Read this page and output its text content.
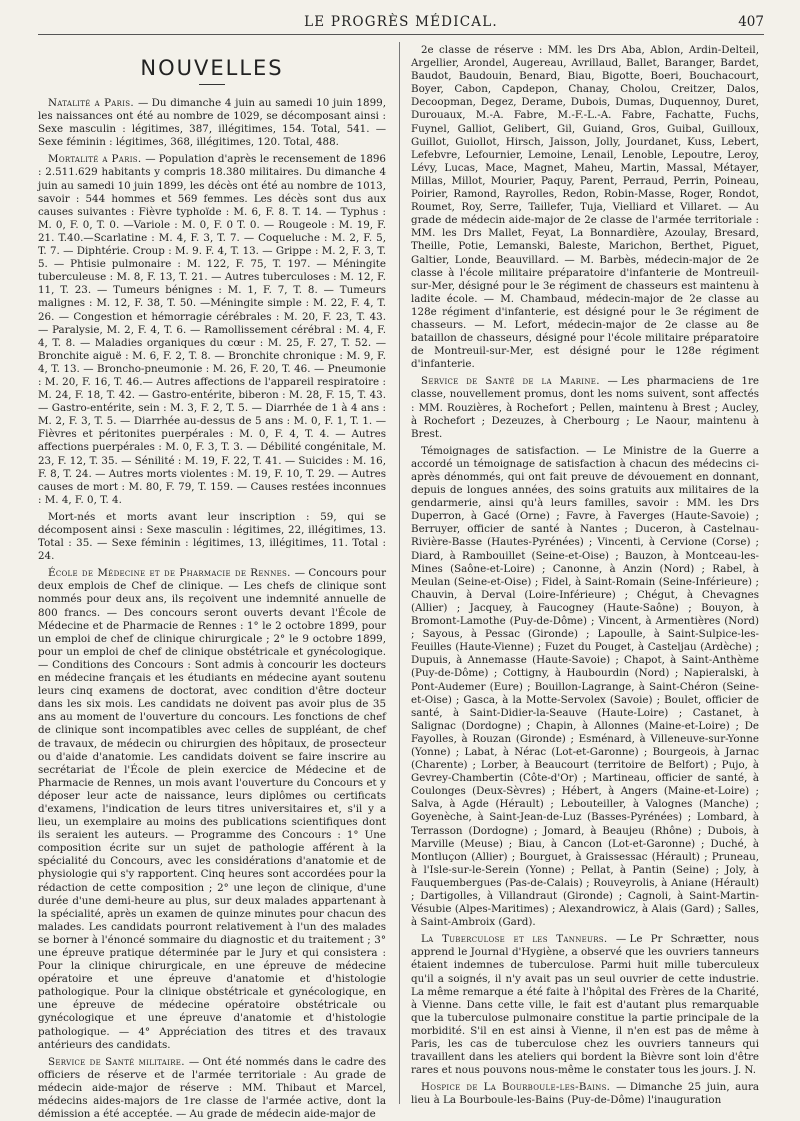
LE PROGRÈS MÉDICAL.	407
NOUVELLES

Natalité a Paris. — Du dimanche 4 juin au samedi 10 juin 1899, les naissances ont été au nombre de 1029, se décomposant ainsi : Sexe masculin : légitimes, 387, illégitimes, 154. Total, 541. — Sexe féminin : légitimes, 368, illégitimes, 120. Total, 488.

Mortalité a Paris. — Population d'après le recensement de 1896 : 2.511.629 habitants y compris 18.380 militaires. Du dimanche 4 juin au samedi 10 juin 1899, les décès ont été au nombre de 1013, savoir : 544 hommes et 569 femmes. Les décès sont dus aux causes suivantes : Fièvre typhoïde : M. 6, F. 8. T. 14. — Typhus : M. 0, F. 0, T. 0. —Variole : M. 0, F. 0 T. 0. — Rougeole : M. 19, F. 21. T.40.—Scarlatine : M. 4, F. 3, T. 7. — Coqueluche : M. 2, F. 5, T. 7. — Diphtérie. Croup : M. 9. F. 4, T. 13. — Grippe : M. 2, F. 3, T. 5. — Phtisie pulmonaire : M. 122, F. 75, T. 197. — Méningite tuberculeuse : M. 8, F. 13, T. 21. — Autres tuberculoses : M. 12, F. 11, T. 23. — Tumeurs bénignes : M. 1, F. 7, T. 8. — Tumeurs malignes : M. 12, F. 38, T. 50. —Méningite simple : M. 22, F. 4, T. 26. — Congestion et hémorragie cérébrales : M. 20, F. 23, T. 43. — Paralysie, M. 2, F. 4, T. 6. — Ramollissement cérébral : M. 4, F. 4, T. 8. — Maladies organiques du cœur : M. 25, F. 27, T. 52. — Bronchite aiguë : M. 6, F. 2, T. 8. — Bronchite chronique : M. 9, F. 4, T. 13. — Broncho-pneumonie : M. 26, F. 20, T. 46. — Pneumonie : M. 20, F. 16, T. 46.— Autres affections de l'appareil respiratoire : M. 24, F. 18, T. 42. — Gastro-entérite, biberon : M. 28, F. 15, T. 43. — Gastro-entérite, sein : M. 3, F. 2, T. 5. — Diarrhée de 1 à 4 ans : M. 2, F. 3, T. 5. — Diarrhée au-dessus de 5 ans : M. 0, F. 1, T. 1. — Fièvres et péritonites puerpérales : M. 0, F. 4, T. 4. — Autres affections puerpérales : M. 0, F. 3, T. 3. — Débilité congénitale, M. 23, F. 12, T. 35. — Sénilité : M. 19, F. 22, T. 41. — Suicides : M. 16, F. 8, T. 24. — Autres morts violentes : M. 19, F. 10, T. 29. — Autres causes de mort : M. 80, F. 79, T. 159. — Causes restées inconnues : M. 4, F. 0, T. 4.

Mort-nés et morts avant leur inscription : 59, qui se décomposent ainsi : Sexe masculin : légitimes, 22, illégitimes, 13. Total : 35. — Sexe féminin : légitimes, 13, illégitimes, 11. Total : 24.

École de Médecine et de Pharmacie de Rennes. — Concours pour deux emplois de Chef de clinique. — Les chefs de clinique sont nommés pour deux ans, ils reçoivent une indemnité annuelle de 800 francs. — Des concours seront ouverts devant l'École de Médecine et de Pharmacie de Rennes : 1° le 2 octobre 1899, pour un emploi de chef de clinique chirurgicale ; 2° le 9 octobre 1899, pour un emploi de chef de clinique obstétricale et gynécologique. — Conditions des Concours : Sont admis à concourir les docteurs en médecine français et les étudiants en médecine ayant soutenu leurs cinq examens de doctorat, avec condition d'être docteur dans les six mois. Les candidats ne doivent pas avoir plus de 35 ans au moment de l'ouverture du concours. Les fonctions de chef de clinique sont incompatibles avec celles de suppléant, de chef de travaux, de médecin ou chirurgien des hôpitaux, de prosecteur ou d'aide d'anatomie. Les candidats doivent se faire inscrire au secrétariat de l'École de plein exercice de Médecine et de Pharmacie de Rennes, un mois avant l'ouverture du Concours et y déposer leur acte de naissance, leurs diplômes ou certificats d'examens, l'indication de leurs titres universitaires et, s'il y a lieu, un exemplaire au moins des publications scientifiques dont ils seraient les auteurs. — Programme des Concours : 1° Une composition écrite sur un sujet de pathologie afférent à la spécialité du Concours, avec les considérations d'anatomie et de physiologie qui s'y rapportent. Cinq heures sont accordées pour la rédaction de cette composition ; 2° une leçon de clinique, d'une durée d'une demi-heure au plus, sur deux malades appartenant à la spécialité, après un examen de quinze minutes pour chacun des malades. Les candidats pourront relativement à l'un des malades se borner à l'énoncé sommaire du diagnostic et du traitement ; 3° une épreuve pratique déterminée par le Jury et qui consistera : Pour la clinique chirurgicale, en une épreuve de médecine opératoire et une épreuve d'anatomie et d'histologie pathologique. Pour la clinique obstétricale et gynécologique, en une épreuve de médecine opératoire obstétricale ou gynécologique et une épreuve d'anatomie et d'histologie pathologique. — 4° Appréciation des titres et des travaux antérieurs des candidats.

Service de Santé militaire. — Ont été nommés dans le cadre des officiers de réserve et de l'armée territoriale : Au grade de médecin aide-major de réserve : MM. Thibaut et Marcel, médecins aides-majors de 1re classe de l'armée active, dont la démission a été acceptée. — Au grade de médecin aide-major de

2e classe de réserve : MM. les Drs Aba, Ablon, Ardin-Delteil, Argellier, Arondel, Augereau, Avrillaud, Ballet, Baranger, Bardet, Baudot, Baudouin, Benard, Biau, Bigotte, Boeri, Bouchacourt, Boyer, Cabon, Capdepon, Chanay, Cholou, Creitzer, Dalos, Decoopman, Degez, Derame, Dubois, Dumas, Duquennoy, Duret, Durouaux, M.-A. Fabre, M.-F.-L.-A. Fabre, Fachatte, Fuchs, Fuynel, Galliot, Gelibert, Gil, Guiand, Gros, Guibal, Guilloux, Guillot, Guiollot, Hirsch, Jaisson, Jolly, Jourdanet, Kuss, Lebert, Lefebvre, Lefournier, Lemoine, Lenail, Lenoble, Lepoutre, Leroy, Lévy, Lucas, Mace, Magnet, Maheu, Martin, Massal, Métayer, Millas, Millot, Mourier, Paquy, Parent, Perraud, Perrin, Poineau, Poirier, Ramond, Rayrolles, Redon, Robin-Masse, Roger, Rondot, Roumet, Roy, Serre, Taillefer, Tuja, Vielliard et Villaret. — Au grade de médecin aide-major de 2e classe de l'armée territoriale : MM. les Drs Mallet, Feyat, La Bonnardière, Azoulay, Bresard, Theille, Potie, Lemanski, Baleste, Marichon, Berthet, Piguet, Galtier, Londe, Beauvillard. — M. Barbès, médecin-major de 2e classe à l'école militaire préparatoire d'infanterie de Montreuil-sur-Mer, désigné pour le 3e régiment de chasseurs est maintenu à ladite école. — M. Chambaud, médecin-major de 2e classe au 128e régiment d'infanterie, est désigné pour le 3e régiment de chasseurs. — M. Lefort, médecin-major de 2e classe au 8e bataillon de chasseurs, désigné pour l'école militaire préparatoire de Montreuil-sur-Mer, est désigné pour le 128e régiment d'infanterie.

Service de Santé de la Marine. — Les pharmaciens de 1re classe, nouvellement promus, dont les noms suivent, sont affectés : MM. Rouzières, à Rochefort ; Pellen, maintenu à Brest ; Aucley, à Rochefort ; Dezeuzes, à Cherbourg ; Le Naour, maintenu à Brest.

Témoignages de satisfaction. — Le Ministre de la Guerre a accordé un témoignage de satisfaction à chacun des médecins ci-après dénommés, qui ont fait preuve de dévouement en donnant, depuis de longues années, des soins gratuits aux militaires de la gendarmerie, ainsi qu'à leurs familles, savoir : MM. les Drs Duperron, à Gacé (Orne) ; Favre, à Faverges (Haute-Savoie) ; Berruyer, officier de santé à Nantes ; Duceron, à Castelnau-Rivière-Basse (Hautes-Pyrénées) ; Vincenti, à Cervione (Corse) ; Diard, à Rambouillet (Seine-et-Oise) ; Bauzon, à Montceau-les-Mines (Saône-et-Loire) ; Canonne, à Anzin (Nord) ; Rabel, à Meulan (Seine-et-Oise) ; Fidel, à Saint-Romain (Seine-Inférieure) ; Chauvin, à Derval (Loire-Inférieure) ; Chégut, à Chevagnes (Allier) ; Jacquey, à Faucogney (Haute-Saône) ; Bouyon, à Bromont-Lamothe (Puy-de-Dôme) ; Vincent, à Armentières (Nord) ; Sayous, à Pessac (Gironde) ; Lapoulle, à Saint-Sulpice-les-Feuilles (Haute-Vienne) ; Fuzet du Pouget, à Casteljau (Ardèche) ; Dupuis, à Annemasse (Haute-Savoie) ; Chapot, à Saint-Anthème (Puy-de-Dôme) ; Cottigny, à Haubourdin (Nord) ; Napieralski, à Pont-Audemer (Eure) ; Bouillon-Lagrange, à Saint-Chéron (Seine-et-Oise) ; Gasca, à la Motte-Servolex (Savoie) ; Boulet, officier de santé, à Saint-Didier-la-Seauve (Haute-Loire) ; Castanet, à Salignac (Dordogne) ; Chapin, à Allonnes (Maine-et-Loire) ; De Fayolles, à Rouzan (Gironde) ; Esménard, à Villeneuve-sur-Yonne (Yonne) ; Labat, à Nérac (Lot-et-Garonne) ; Bourgeois, à Jarnac (Charente) ; Lorber, à Beaucourt (territoire de Belfort) ; Pujo, à Gevrey-Chambertin (Côte-d'Or) ; Martineau, officier de santé, à Coulonges (Deux-Sèvres) ; Hébert, à Angers (Maine-et-Loire) ; Salva, à Agde (Hérault) ; Lebouteiller, à Valognes (Manche) ; Goyenèche, à Saint-Jean-de-Luz (Basses-Pyrénées) ; Lombard, à Terrasson (Dordogne) ; Jomard, à Beaujeu (Rhône) ; Dubois, à Marville (Meuse) ; Biau, à Cancon (Lot-et-Garonne) ; Duché, à Montluçon (Allier) ; Bourguet, à Graissessac (Hérault) ; Pruneau, à l'Isle-sur-le-Serein (Yonne) ; Pellat, à Pantin (Seine) ; Joly, à Fauquembergues (Pas-de-Calais) ; Rouveyrolis, à Aniane (Hérault) ; Dartigolles, à Villandraut (Gironde) ; Cagnoli, à Saint-Martin-Vésubie (Alpes-Maritimes) ; Alexandrowicz, à Alais (Gard) ; Salles, à Saint-Ambroix (Gard).

La Tuberculose et les Tanneurs. — Le Pr Schrætter, nous apprend le Journal d'Hygiène, a observé que les ouvriers tanneurs étaient indemnes de tuberculose. Parmi huit mille tuberculeux qu'il a soignés, il n'y avait pas un seul ouvrier de cette industrie. La même remarque a été faite à l'hôpital des Frères de la Charité, à Vienne. Dans cette ville, le fait est d'autant plus remarquable que la tuberculose pulmonaire constitue la partie principale de la morbidité. S'il en est ainsi à Vienne, il n'en est pas de même à Paris, les cas de tuberculose chez les ouvriers tanneurs qui travaillent dans les ateliers qui bordent la Bièvre sont loin d'être rares et nous pouvons nous-même le constater tous les jours. J. N.

Hospice de La Bourboule-les-Bains. — Dimanche 25 juin, aura lieu à La Bourboule-les-Bains (Puy-de-Dôme) l'inauguration
